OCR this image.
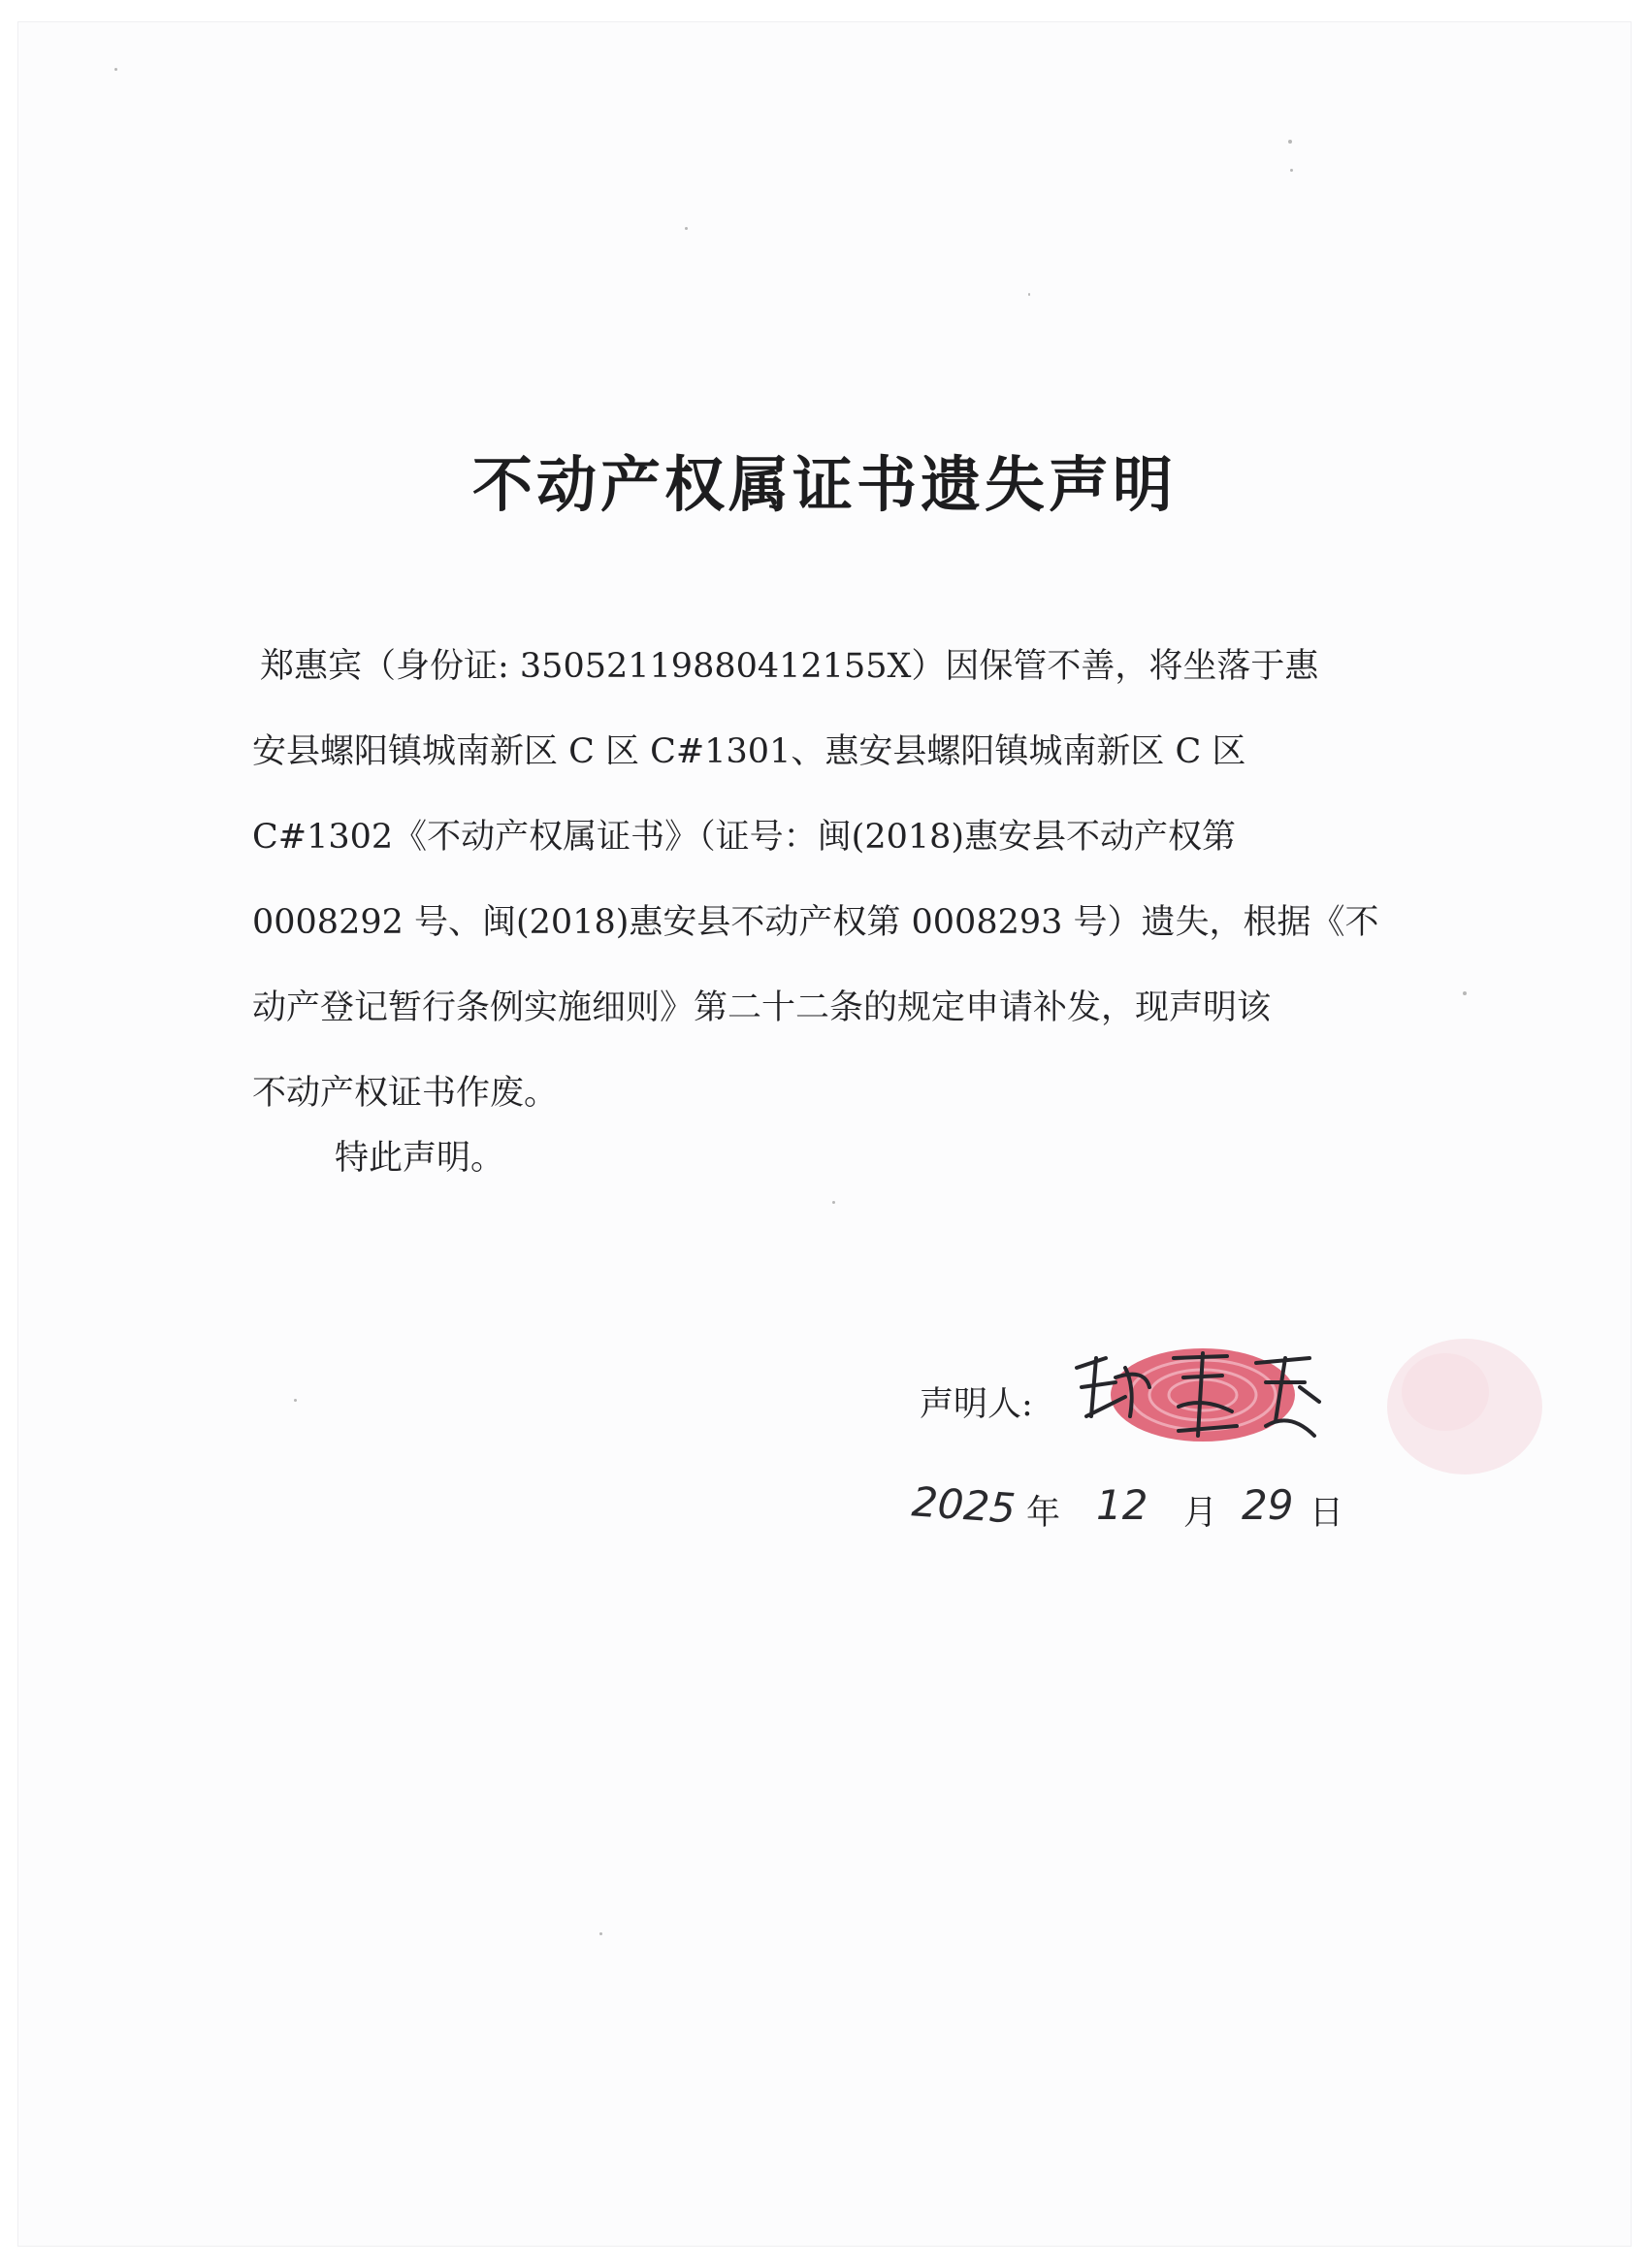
不动产权属证书遗失声明
郑惠宾（身份证: 35052119880412155X）因保管不善，将坐落于惠
安县螺阳镇城南新区 C 区 C#1301、惠安县螺阳镇城南新区 C 区
C#1302《不动产权属证书》（证号：闽(2018)惠安县不动产权第
0008292 号、闽(2018)惠安县不动产权第 0008293 号）遗失，根据《不
动产登记暂行条例实施细则》第二十二条的规定申请补发，现声明该
不动产权证书作废。
特此声明。
声明人:
2025 年 12 月 29 日
